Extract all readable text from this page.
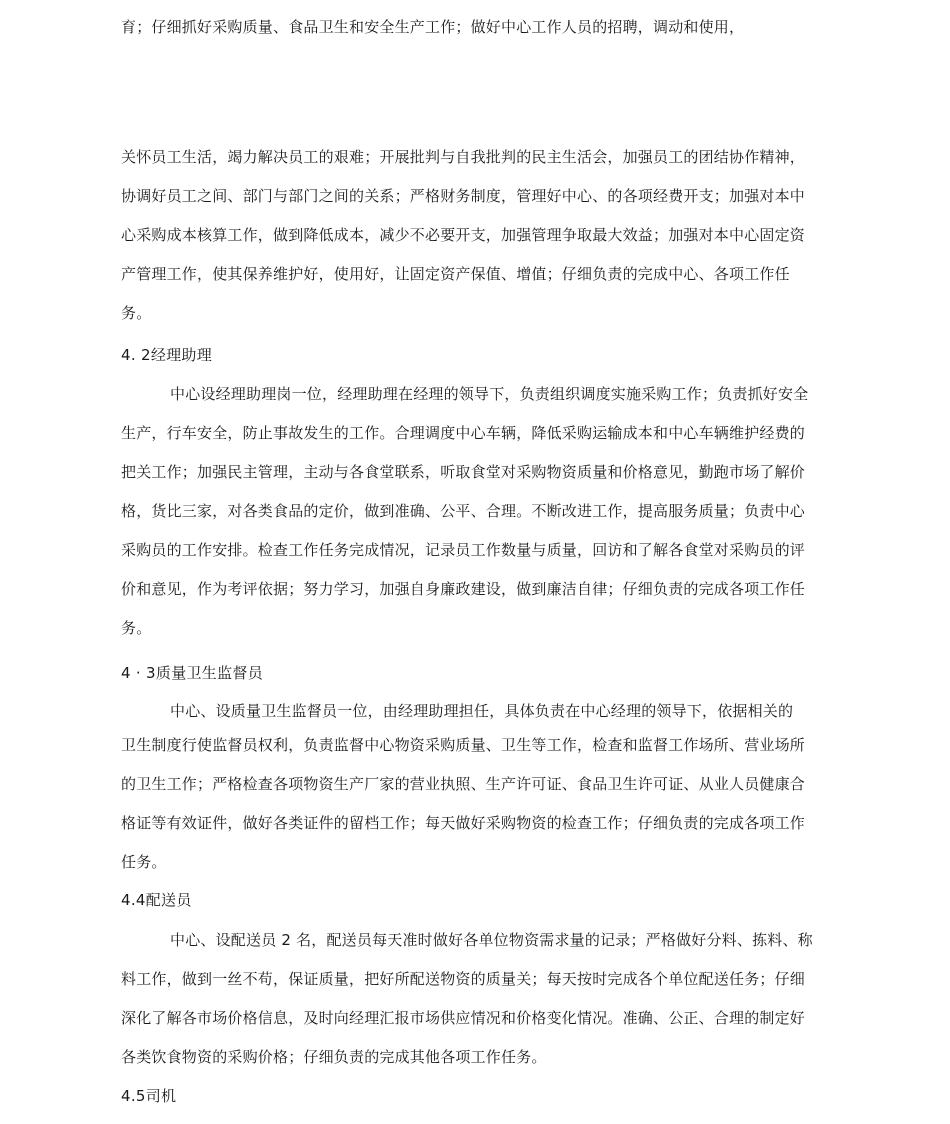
育；仔细抓好采购质量、食品卫生和安全生产工作；做好中心工作人员的招聘，调动和使用，
关怀员工生活，竭力解决员工的艰难；开展批判与自我批判的民主生活会，加强员工的团结协作精神，
协调好员工之间、部门与部门之间的关系；严格财务制度，管理好中心、的各项经费开支；加强对本中
心采购成本核算工作，做到降低成本，减少不必要开支，加强管理争取最大效益；加强对本中心固定资
产管理工作，使其保养维护好，使用好，让固定资产保值、增值；仔细负责的完成中心、各项工作任
务。
4. 2经理助理
中心设经理助理岗一位，经理助理在经理的领导下，负责组织调度实施采购工作；负责抓好安全
生产，行车安全，防止事故发生的工作。合理调度中心车辆，降低采购运输成本和中心车辆维护经费的
把关工作；加强民主管理，主动与各食堂联系，听取食堂对采购物资质量和价格意见，勤跑市场了解价
格，货比三家，对各类食品的定价，做到准确、公平、合理。不断改进工作，提高服务质量；负责中心
采购员的工作安排。检查工作任务完成情况，记录员工作数量与质量，回访和了解各食堂对采购员的评
价和意见，作为考评依据；努力学习，加强自身廉政建设，做到廉洁自律；仔细负责的完成各项工作任
务。
4 · 3质量卫生监督员
中心、设质量卫生监督员一位，由经理助理担任，具体负责在中心经理的领导下，依据相关的
卫生制度行使监督员权利，负责监督中心物资采购质量、卫生等工作，检查和监督工作场所、营业场所
的卫生工作；严格检查各项物资生产厂家的营业执照、生产许可证、食品卫生许可证、从业人员健康合
格证等有效证件，做好各类证件的留档工作；每天做好采购物资的检查工作；仔细负责的完成各项工作
任务。
4.4配送员
中心、设配送员 2 名，配送员每天准时做好各单位物资需求量的记录；严格做好分料、拣料、称
料工作，做到一丝不苟，保证质量，把好所配送物资的质量关；每天按时完成各个单位配送任务；仔细
深化了解各市场价格信息，及时向经理汇报市场供应情况和价格变化情况。准确、公正、合理的制定好
各类饮食物资的采购价格；仔细负责的完成其他各项工作任务。
4.5司机
